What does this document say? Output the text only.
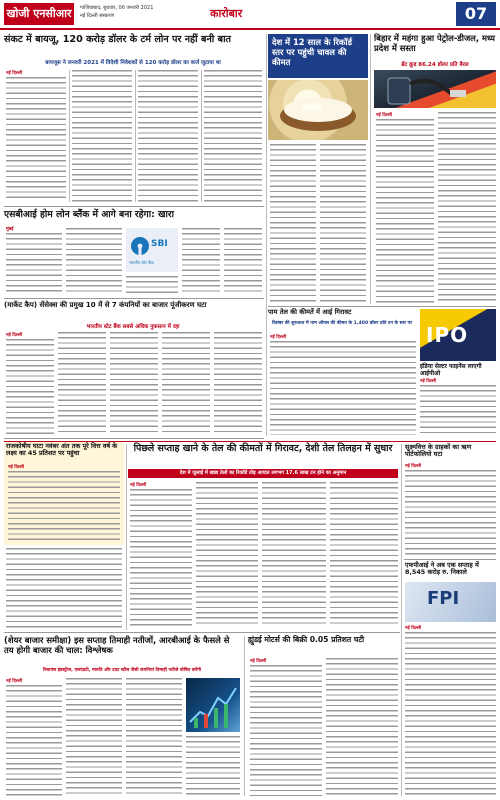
खोजी एनसीआर	गाजियाबाद, बुधवार, 06 जनवरी 2021
नई दिल्ली संस्करण	कारोबार	07
संकट में बायजू, 120 करोड़ डॉलर के टर्म लोन पर नहीं बनी बात
बायजूस ने जनवरी 2021 में विदेशी निवेशकों से 120 करोड़ डॉलर का कर्ज जुटाया था
नई दिल्ली
एसबीआई होम लोन ब्लैंक में आगे बना रहेगा: खारा
मुंबई
SBI
भारतीय स्टेट बैंक
(मार्केट कैप) सेंसेक्स की प्रमुख 10 में से 7 कंपनियों का बाजार पूंजीकरण घटा
भारतीय स्टेट बैंक सबसे अधिक नुकसान में रहा
नई दिल्ली
राजकोषीय घाटा नवंबर अंत तक पूरे वित्त वर्ष के लक्ष्य का 45 प्रतिशत पर पहुंचा
नई दिल्ली
देश में 12 साल के रिकॉर्ड स्तर पर पहुंची चावल की कीमत
बिहार में महंगा हुआ पेट्रोल-डीजल, मध्य प्रदेश में सस्ता
ब्रेंट क्रूड 86.24 डॉलर प्रति बैरल
नई दिल्ली
पाम तेल की कीमतें में आई गिरावट
दिसंबर की शुरुआत में पाम ऑयल की कीमत के 1,400 डॉलर प्रति टन के स्तर पर
नई दिल्ली	IPO
इंडिया सेल्टर फाइनेंस लाएगी आईपीओ
नई दिल्ली
पिछले सप्ताह खाने के तेल की कीमतों में गिरावट, देशी तेल तिलहन में सुधार
देश में जुलाई में खाद्य तेलों का रिकॉर्ड तोड़ आयात लगभग 17.6 लाख टन होने का अनुमान
नई दिल्ली
सूक्ष्मवित्त के ग्राहकों का ऋण पोर्टफोलियो घटा
नई दिल्ली
एफपीआई ने अब एक सप्ताह में 8,545 करोड़ रु. निकाले
FPI
नई दिल्ली
(शेयर बाजार समीक्षा) इस सप्ताह तिमाही नतीजों, आरबीआई के फैसले से तय होगी बाजार की चाल: विश्लेषक
रिलायंस इंडस्ट्रीज, एलएंडटी, मारुति और टाटा स्टील जैसी कंपनियां तिमाही नतीजे घोषित करेंगी
नई दिल्ली
ह्युंडई मोटर्स की बिक्री 0.05 प्रतिशत घटी
नई दिल्ली
